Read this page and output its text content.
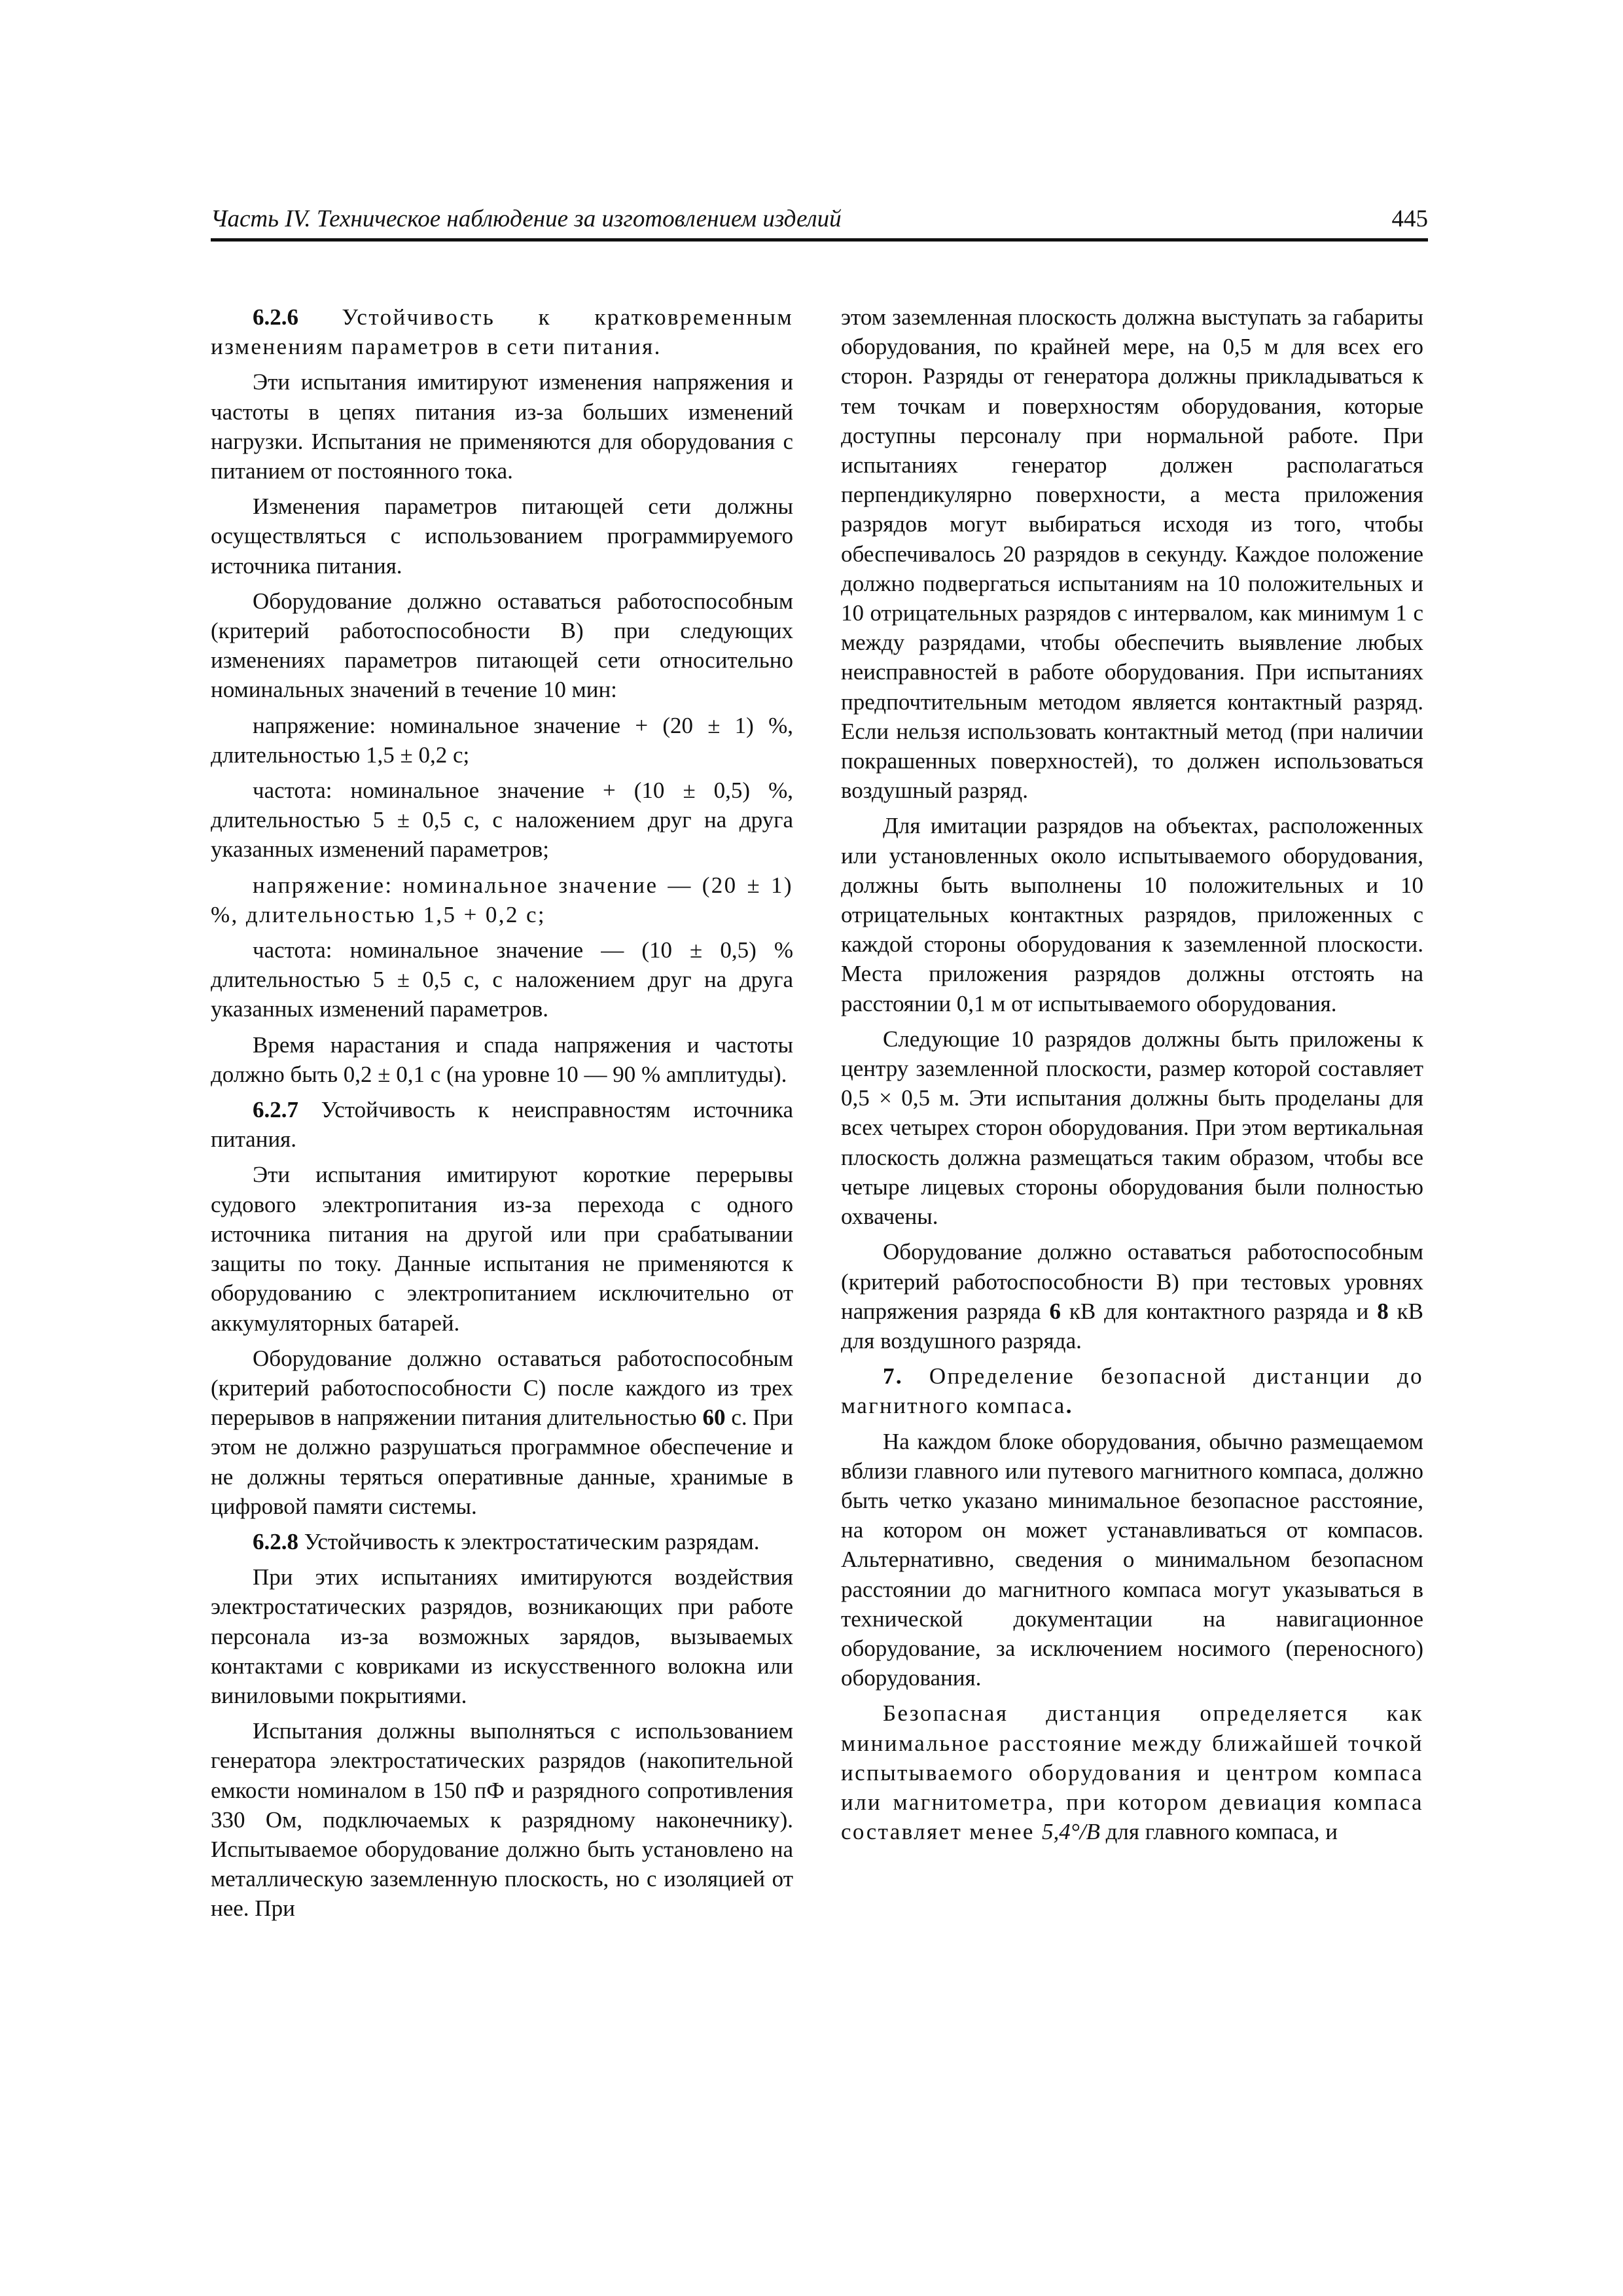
Часть IV. Техническое наблюдение за изготовлением изделий	445

6.2.6 Устойчивость к кратковременным изменениям параметров в сети питания.

Эти испытания имитируют изменения напряжения и частоты в цепях питания из-за больших изменений нагрузки. Испытания не применяются для оборудования с питанием от постоянного тока.

Изменения параметров питающей сети должны осуществляться с использованием программируемого источника питания.

Оборудование должно оставаться работоспособным (критерий работоспособности В) при следующих изменениях параметров питающей сети относительно номинальных значений в течение 10 мин:

напряжение: номинальное значение + (20 ± 1) %, длительностью 1,5 ± 0,2 с;

частота: номинальное значение + (10 ± 0,5) %, длительностью 5 ± 0,5 с, с наложением друг на друга указанных изменений параметров;

напряжение: номинальное значение — (20 ± 1) %, длительностью 1,5 + 0,2 с;

частота: номинальное значение — (10 ± 0,5) % длительностью 5 ± 0,5 с, с наложением друг на друга указанных изменений параметров.

Время нарастания и спада напряжения и частоты должно быть 0,2 ± 0,1 с (на уровне 10 — 90 % амплитуды).

6.2.7 Устойчивость к неисправностям источника питания.

Эти испытания имитируют короткие перерывы судового электропитания из-за перехода с одного источника питания на другой или при срабатывании защиты по току. Данные испытания не применяются к оборудованию с электропитанием исключительно от аккумуляторных батарей.

Оборудование должно оставаться работоспособным (критерий работоспособности С) после каждого из трех перерывов в напряжении питания длительностью 60 с. При этом не должно разрушаться программное обеспечение и не должны теряться оперативные данные, хранимые в цифровой памяти системы.

6.2.8 Устойчивость к электростатическим разрядам.

При этих испытаниях имитируются воздействия электростатических разрядов, возникающих при работе персонала из-за возможных зарядов, вызываемых контактами с ковриками из искусственного волокна или виниловыми покрытиями.

Испытания должны выполняться с использованием генератора электростатических разрядов (накопительной емкости номиналом в 150 пФ и разрядного сопротивления 330 Ом, подключаемых к разрядному наконечнику). Испытываемое оборудование должно быть установлено на металлическую заземленную плоскость, но с изоляцией от нее. При

этом заземленная плоскость должна выступать за габариты оборудования, по крайней мере, на 0,5 м для всех его сторон. Разряды от генератора должны прикладываться к тем точкам и поверхностям оборудования, которые доступны персоналу при нормальной работе. При испытаниях генератор должен располагаться перпендикулярно поверхности, а места приложения разрядов могут выбираться исходя из того, чтобы обеспечивалось 20 разрядов в секунду. Каждое положение должно подвергаться испытаниям на 10 положительных и 10 отрицательных разрядов с интервалом, как минимум 1 с между разрядами, чтобы обеспечить выявление любых неисправностей в работе оборудования. При испытаниях предпочтительным методом является контактный разряд. Если нельзя использовать контактный метод (при наличии покрашенных поверхностей), то должен использоваться воздушный разряд.

Для имитации разрядов на объектах, расположенных или установленных около испытываемого оборудования, должны быть выполнены 10 положительных и 10 отрицательных контактных разрядов, приложенных с каждой стороны оборудования к заземленной плоскости. Места приложения разрядов должны отстоять на расстоянии 0,1 м от испытываемого оборудования.

Следующие 10 разрядов должны быть приложены к центру заземленной плоскости, размер которой составляет 0,5 × 0,5 м. Эти испытания должны быть проделаны для всех четырех сторон оборудования. При этом вертикальная плоскость должна размещаться таким образом, чтобы все четыре лицевых стороны оборудования были полностью охвачены.

Оборудование должно оставаться работоспособным (критерий работоспособности В) при тестовых уровнях напряжения разряда 6 кВ для контактного разряда и 8 кВ для воздушного разряда.

7. Определение безопасной дистанции до магнитного компаса.

На каждом блоке оборудования, обычно размещаемом вблизи главного или путевого магнитного компаса, должно быть четко указано минимальное безопасное расстояние, на котором он может устанавливаться от компасов. Альтернативно, сведения о минимальном безопасном расстоянии до магнитного компаса могут указываться в технической документации на навигационное оборудование, за исключением носимого (переносного) оборудования.

Безопасная дистанция определяется как минимальное расстояние между ближайшей точкой испытываемого оборудования и центром компаса или магнитометра, при котором девиация компаса составляет менее 5,4°/B для главного компаса, и
